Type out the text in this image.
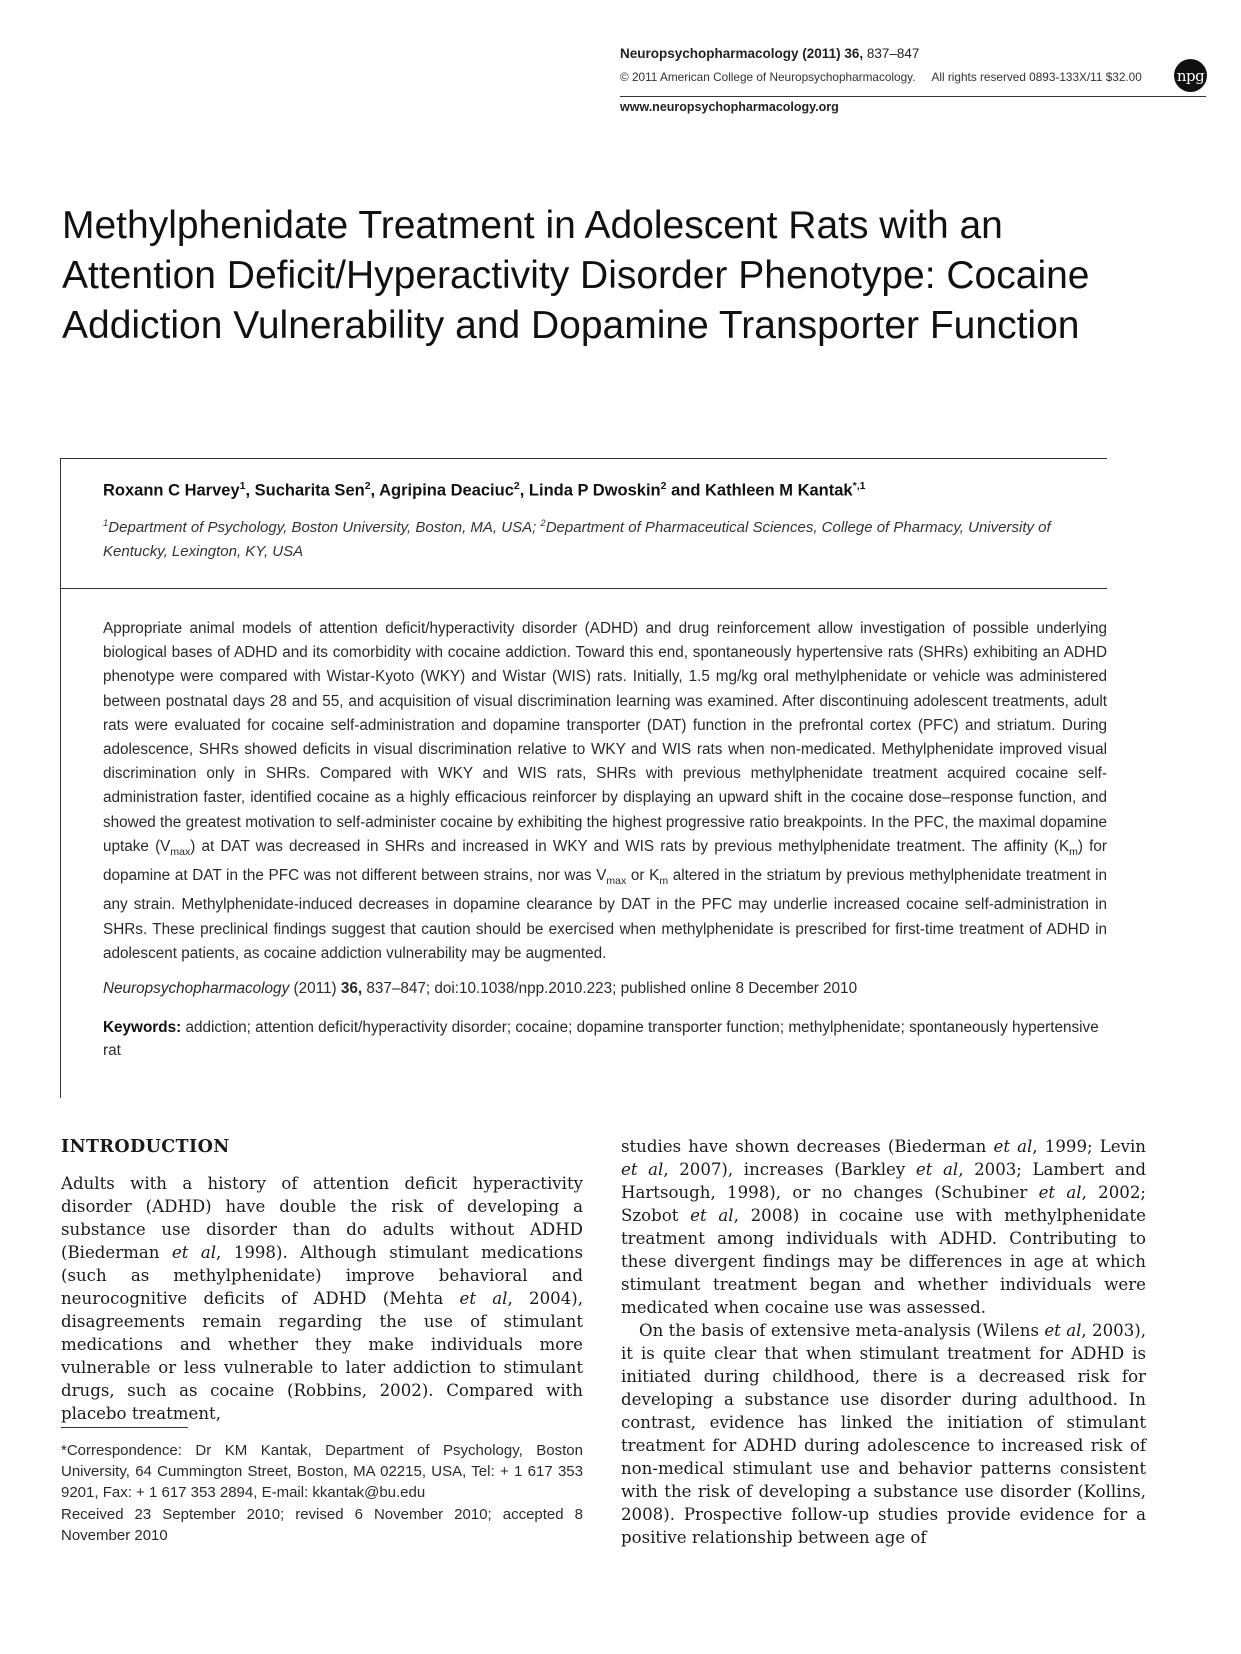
Neuropsychopharmacology (2011) 36, 837–847
© 2011 American College of Neuropsychopharmacology. All rights reserved 0893-133X/11 $32.00 npg
www.neuropsychopharmacology.org
Methylphenidate Treatment in Adolescent Rats with an Attention Deficit/Hyperactivity Disorder Phenotype: Cocaine Addiction Vulnerability and Dopamine Transporter Function
Roxann C Harvey$^1$, Sucharita Sen$^2$, Agripina Deaciuc$^2$, Linda P Dwoskin$^2$ and Kathleen M Kantak$^{*,1}$
$^1$Department of Psychology, Boston University, Boston, MA, USA; $^2$Department of Pharmaceutical Sciences, College of Pharmacy, University of Kentucky, Lexington, KY, USA

Appropriate animal models of attention deficit/hyperactivity disorder (ADHD) and drug reinforcement allow investigation of possible underlying biological bases of ADHD and its comorbidity with cocaine addiction. Toward this end, spontaneously hypertensive rats (SHRs) exhibiting an ADHD phenotype were compared with Wistar-Kyoto (WKY) and Wistar (WIS) rats. Initially, 1.5 mg/kg oral methylphenidate or vehicle was administered between postnatal days 28 and 55, and acquisition of visual discrimination learning was examined. After discontinuing adolescent treatments, adult rats were evaluated for cocaine self-administration and dopamine transporter (DAT) function in the prefrontal cortex (PFC) and striatum. During adolescence, SHRs showed deficits in visual discrimination relative to WKY and WIS rats when non-medicated. Methylphenidate improved visual discrimination only in SHRs. Compared with WKY and WIS rats, SHRs with previous methylphenidate treatment acquired cocaine self-administration faster, identified cocaine as a highly efficacious reinforcer by displaying an upward shift in the cocaine dose–response function, and showed the greatest motivation to self-administer cocaine by exhibiting the highest progressive ratio breakpoints. In the PFC, the maximal dopamine uptake $(V_{max})$ at DAT was decreased in SHRs and increased in WKY and WIS rats by previous methylphenidate treatment. The affinity $(K_m)$ for dopamine at DAT in the PFC was not different between strains, nor was $V_{max}$ or $K_m$ altered in the striatum by previous methylphenidate treatment in any strain. Methylphenidate-induced decreases in dopamine clearance by DAT in the PFC may underlie increased cocaine self-administration in SHRs. These preclinical findings suggest that caution should be exercised when methylphenidate is prescribed for first-time treatment of ADHD in adolescent patients, as cocaine addiction vulnerability may be augmented.

Neuropsychopharmacology (2011) 36, 837–847; doi:10.1038/npp.2010.223; published online 8 December 2010
Keywords: addiction; attention deficit/hyperactivity disorder; cocaine; dopamine transporter function; methylphenidate; spontaneously hypertensive rat
INTRODUCTION

Adults with a history of attention deficit hyperactivity disorder (ADHD) have double the risk of developing a substance use disorder than do adults without ADHD (Biederman et al, 1998). Although stimulant medications (such as methylphenidate) improve behavioral and neurocognitive deficits of ADHD (Mehta et al, 2004), disagreements remain regarding the use of stimulant medications and whether they make individuals more vulnerable or less vulnerable to later addiction to stimulant drugs, such as cocaine (Robbins, 2002). Compared with placebo treatment,

*Correspondence: Dr KM Kantak, Department of Psychology, Boston University, 64 Cummington Street, Boston, MA 02215, USA, Tel: + 1 617 353 9201, Fax: + 1 617 353 2894, E-mail: kkantak@bu.edu

Received 23 September 2010; revised 6 November 2010; accepted 8 November 2010

studies have shown decreases (Biederman et al, 1999; Levin et al, 2007), increases (Barkley et al, 2003; Lambert and Hartsough, 1998), or no changes (Schubiner et al, 2002; Szobot et al, 2008) in cocaine use with methylphenidate treatment among individuals with ADHD. Contributing to these divergent findings may be differences in age at which stimulant treatment began and whether individuals were medicated when cocaine use was assessed.

On the basis of extensive meta-analysis (Wilens et al, 2003), it is quite clear that when stimulant treatment for ADHD is initiated during childhood, there is a decreased risk for developing a substance use disorder during adulthood. In contrast, evidence has linked the initiation of stimulant treatment for ADHD during adolescence to increased risk of non-medical stimulant use and behavior patterns consistent with the risk of developing a substance use disorder (Kollins, 2008). Prospective follow-up studies provide evidence for a positive relationship between age of
